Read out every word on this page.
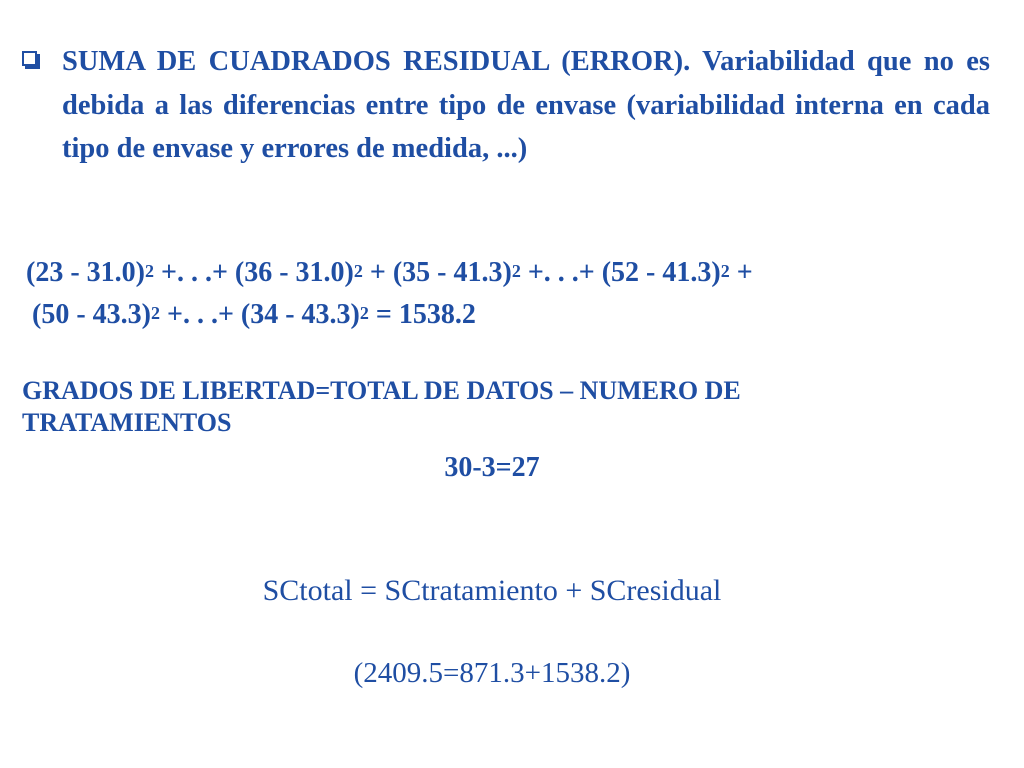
SUMA DE CUADRADOS RESIDUAL (ERROR). Variabilidad que no es debida a las diferencias entre tipo de envase (variabilidad interna en cada tipo de envase y errores de medida, ...)
(23 - 31.0)$^2$ +. . .+ (36 - 31.0)$^2$ + (35 - 41.3)$^2$ +. . .+ (52 - 41.3)$^2$ +
(50 - 43.3)$^2$ +. . .+ (34 - 43.3)$^2$ = 1538.2
GRADOS DE LIBERTAD=TOTAL DE DATOS – NUMERO DE TRATAMIENTOS
30-3=27
SCtotal = SCtratamiento + SCresidual
(2409.5=871.3+1538.2)
